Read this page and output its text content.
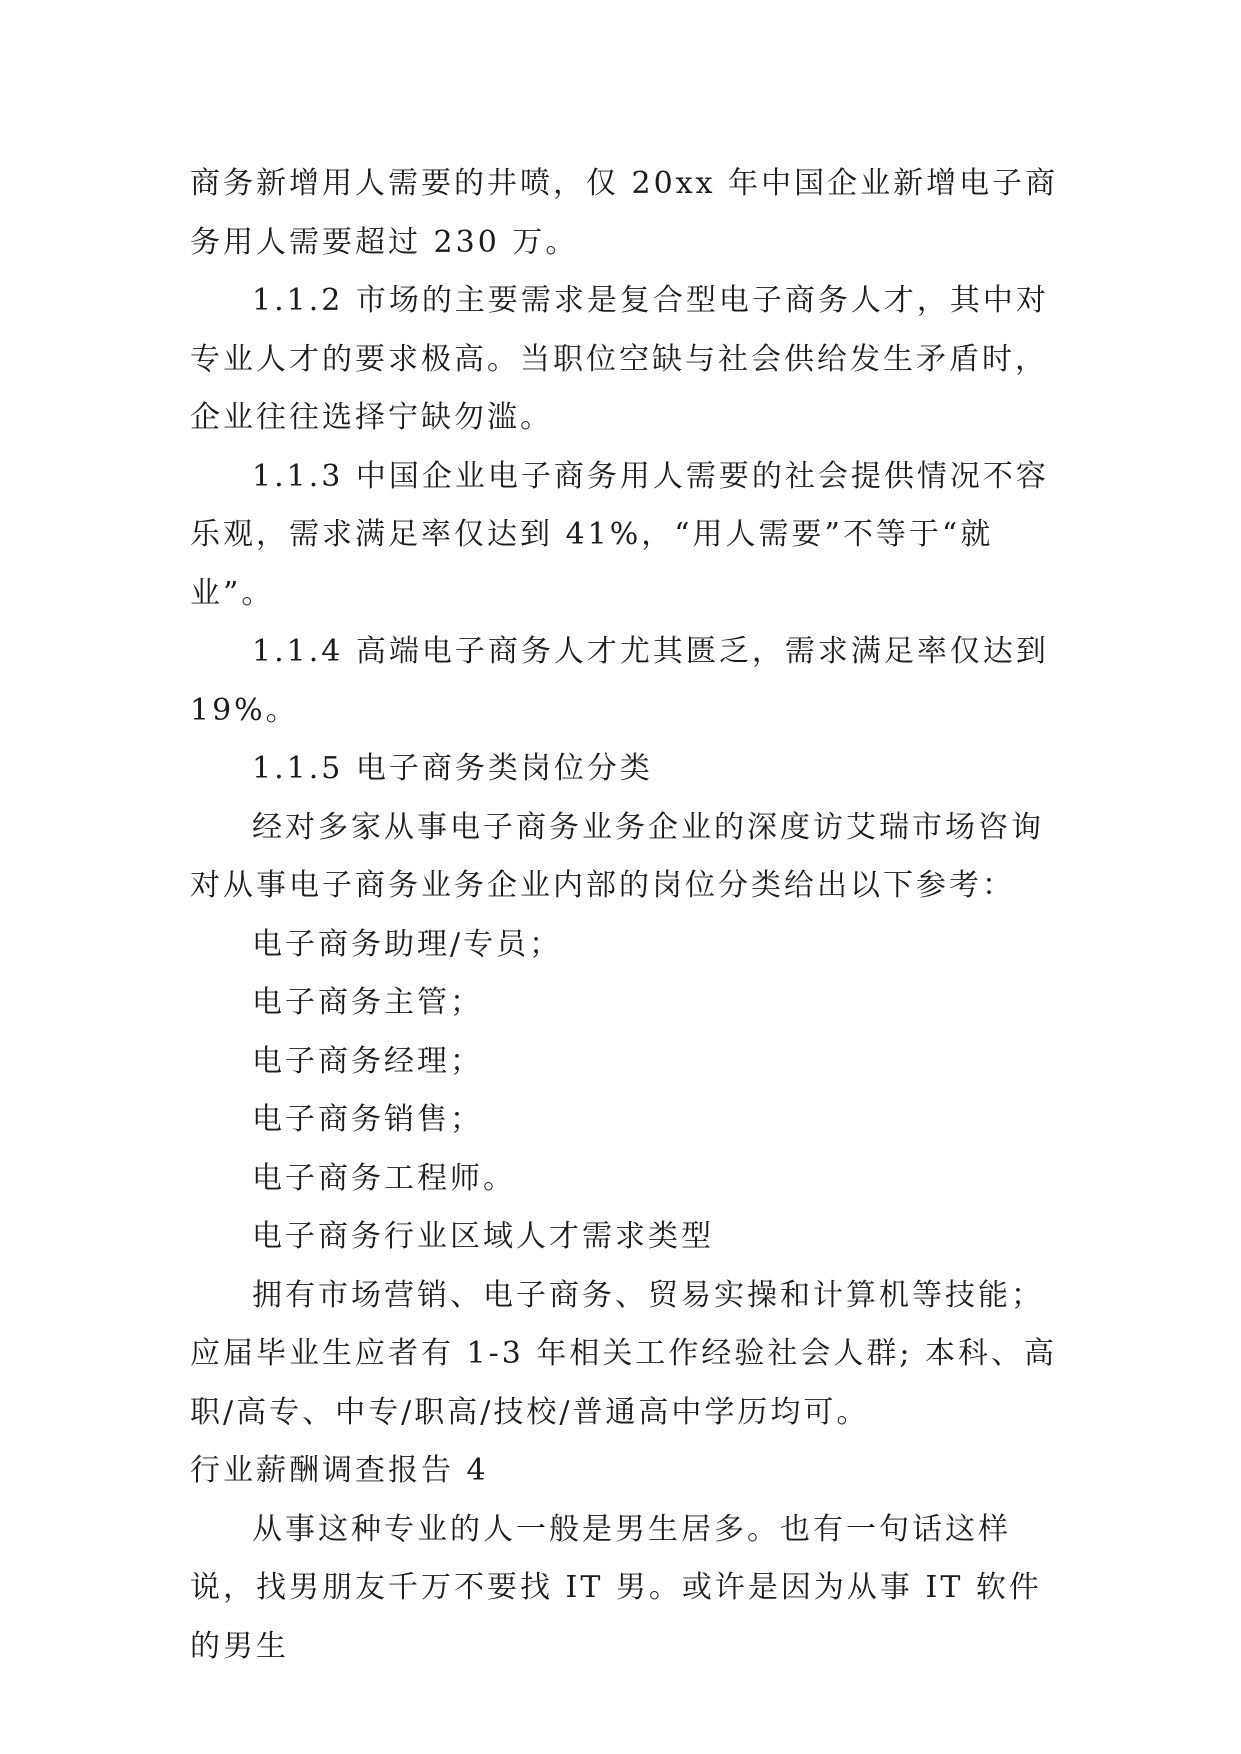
商务新增用人需要的井喷，仅 20xx 年中国企业新增电子商务用人需要超过 230 万。

1.1.2 市场的主要需求是复合型电子商务人才，其中对专业人才的要求极高。当职位空缺与社会供给发生矛盾时，企业往往选择宁缺勿滥。

1.1.3 中国企业电子商务用人需要的社会提供情况不容乐观，需求满足率仅达到 41%，“用人需要”不等于“就业”。

1.1.4 高端电子商务人才尤其匮乏，需求满足率仅达到 19%。

1.1.5 电子商务类岗位分类

经对多家从事电子商务业务企业的深度访艾瑞市场咨询对从事电子商务业务企业内部的岗位分类给出以下参考：

电子商务助理/专员；

电子商务主管；

电子商务经理；

电子商务销售；

电子商务工程师。

电子商务行业区域人才需求类型

拥有市场营销、电子商务、贸易实操和计算机等技能；应届毕业生应者有 1-3 年相关工作经验社会人群; 本科、高职/高专、中专/职高/技校/普通高中学历均可。

行业薪酬调查报告 4

从事这种专业的人一般是男生居多。也有一句话这样说，找男朋友千万不要找 IT 男。或许是因为从事 IT 软件的男生
